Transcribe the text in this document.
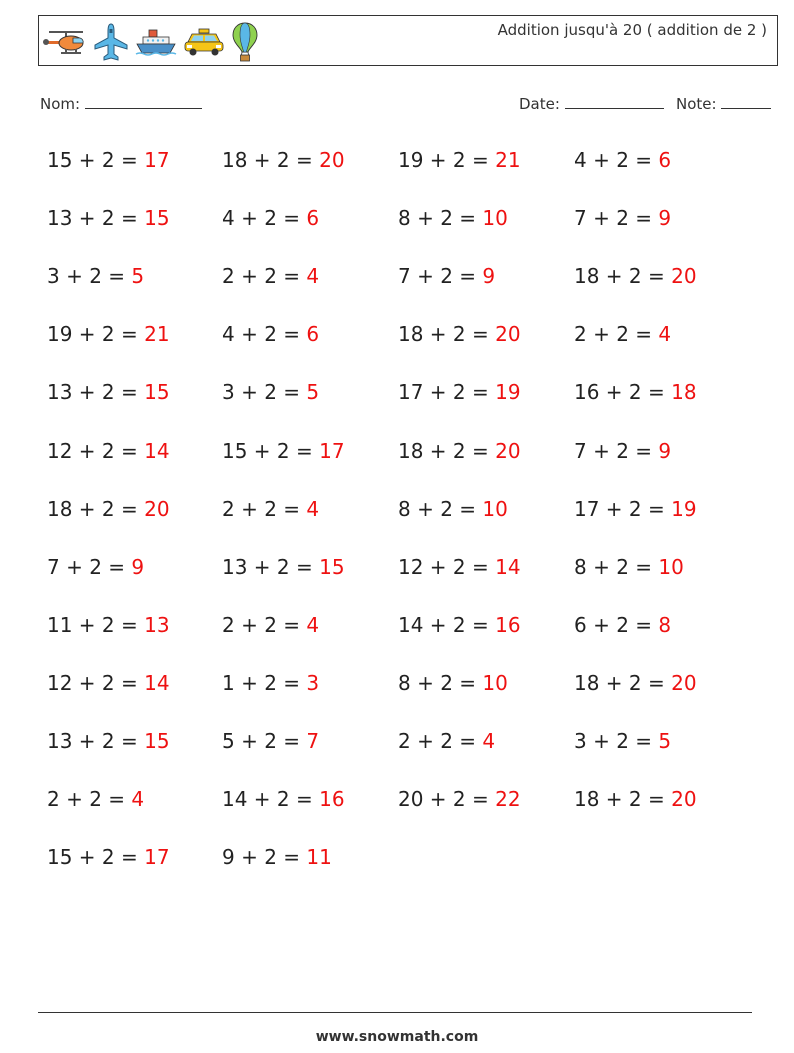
Addition jusqu'à 20 ( addition de 2 )
Nom:	Date:	Note:
15 + 2 = 17	18 + 2 = 20	19 + 2 = 21	4 + 2 = 6
13 + 2 = 15	4 + 2 = 6	8 + 2 = 10	7 + 2 = 9
3 + 2 = 5	2 + 2 = 4	7 + 2 = 9	18 + 2 = 20
19 + 2 = 21	4 + 2 = 6	18 + 2 = 20	2 + 2 = 4
13 + 2 = 15	3 + 2 = 5	17 + 2 = 19	16 + 2 = 18
12 + 2 = 14	15 + 2 = 17	18 + 2 = 20	7 + 2 = 9
18 + 2 = 20	2 + 2 = 4	8 + 2 = 10	17 + 2 = 19
7 + 2 = 9	13 + 2 = 15	12 + 2 = 14	8 + 2 = 10
11 + 2 = 13	2 + 2 = 4	14 + 2 = 16	6 + 2 = 8
12 + 2 = 14	1 + 2 = 3	8 + 2 = 10	18 + 2 = 20
13 + 2 = 15	5 + 2 = 7	2 + 2 = 4	3 + 2 = 5
2 + 2 = 4	14 + 2 = 16	20 + 2 = 22	18 + 2 = 20
15 + 2 = 17	9 + 2 = 11
www.snowmath.com
